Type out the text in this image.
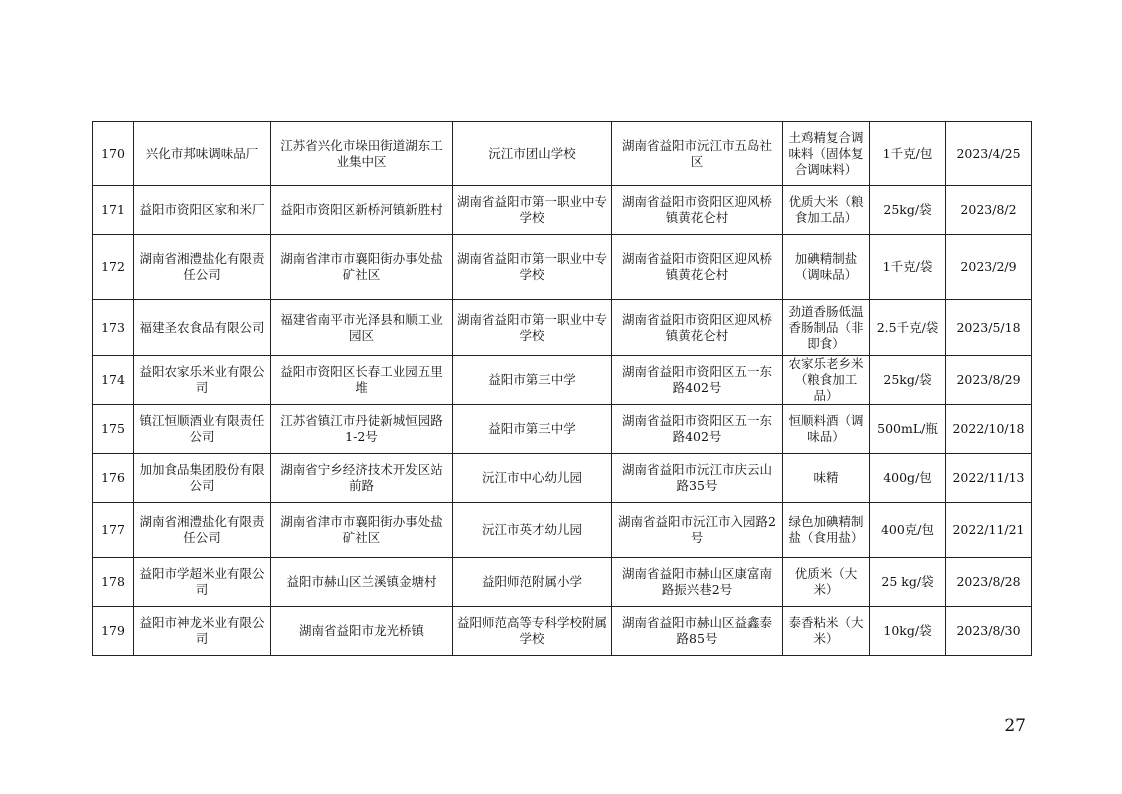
170	兴化市邦味调味品厂	江苏省兴化市垛田街道湖东工业集中区	沅江市团山学校	湖南省益阳市沅江市五岛社区	土鸡精复合调味料（固体复合调味料）	1千克/包	2023/4/25
171	益阳市资阳区家和米厂	益阳市资阳区新桥河镇新胜村	湖南省益阳市第一职业中专学校	湖南省益阳市资阳区迎风桥镇黄花仑村	优质大米（粮食加工品）	25kg/袋	2023/8/2
172	湖南省湘澧盐化有限责任公司	湖南省津市市襄阳街办事处盐矿社区	湖南省益阳市第一职业中专学校	湖南省益阳市资阳区迎风桥镇黄花仑村	加碘精制盐（调味品）	1千克/袋	2023/2/9
173	福建圣农食品有限公司	福建省南平市光泽县和顺工业园区	湖南省益阳市第一职业中专学校	湖南省益阳市资阳区迎风桥镇黄花仑村	劲道香肠低温香肠制品（非即食）	2.5千克/袋	2023/5/18
174	益阳农家乐米业有限公司	益阳市资阳区长春工业园五里堆	益阳市第三中学	湖南省益阳市资阳区五一东路402号	农家乐老乡米（粮食加工品）	25kg/袋	2023/8/29
175	镇江恒顺酒业有限责任公司	江苏省镇江市丹徒新城恒园路1-2号	益阳市第三中学	湖南省益阳市资阳区五一东路402号	恒顺料酒（调味品）	500mL/瓶	2022/10/18
176	加加食品集团股份有限公司	湖南省宁乡经济技术开发区站前路	沅江市中心幼儿园	湖南省益阳市沅江市庆云山路35号	味精	400g/包	2022/11/13
177	湖南省湘澧盐化有限责任公司	湖南省津市市襄阳街办事处盐矿社区	沅江市英才幼儿园	湖南省益阳市沅江市入园路2号	绿色加碘精制盐（食用盐）	400克/包	2022/11/21
178	益阳市学超米业有限公司	益阳市赫山区兰溪镇金塘村	益阳师范附属小学	湖南省益阳市赫山区康富南路振兴巷2号	优质米（大米）	25 kg/袋	2023/8/28
179	益阳市神龙米业有限公司	湖南省益阳市龙光桥镇	益阳师范高等专科学校附属学校	湖南省益阳市赫山区益鑫泰路85号	泰香粘米（大米）	10kg/袋	2023/8/30
27
